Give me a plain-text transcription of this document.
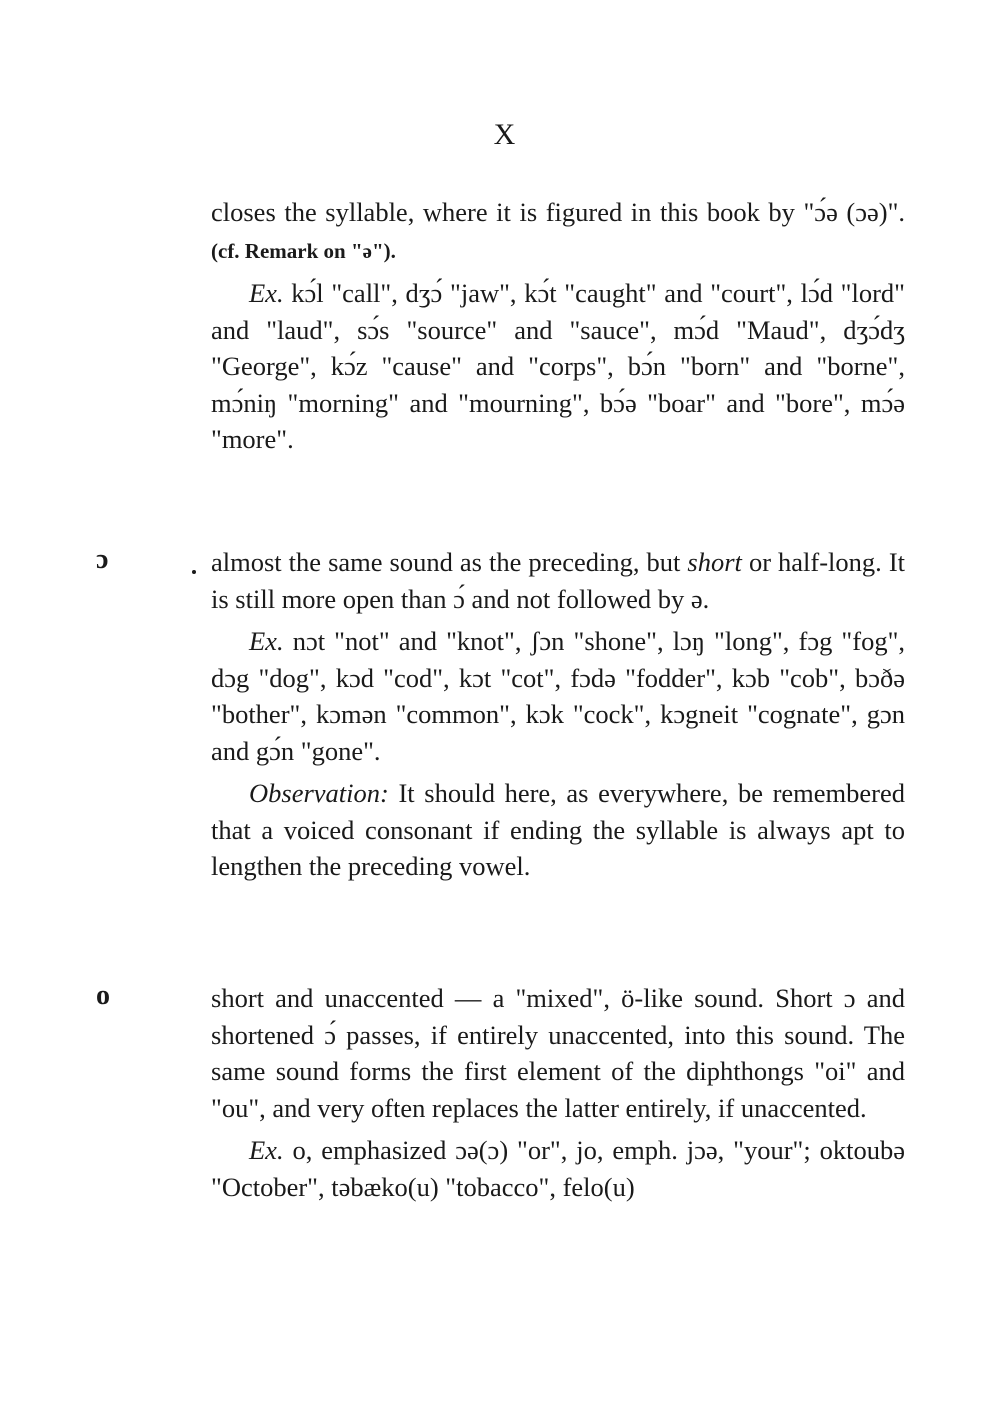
X

closes the syllable, where it is figured in this book by "ɔ́ə (ɔə)". (cf. Remark on "ə").

Ex. kɔ́l "call", dʒɔ́ "jaw", kɔ́t "caught" and "court", lɔ́d "lord" and "laud", sɔ́s "source" and "sauce", mɔ́d "Maud", dʒɔ́dʒ "George", kɔ́z "cause" and "corps", bɔ́n "born" and "borne", mɔ́niŋ "morning" and "mourning", bɔ́ə "boar" and "bore", mɔ́ə "more".

ɔ	almost the same sound as the preceding, but short or half-long. It is still more open than ɔ́ and not followed by ə.

Ex. nɔt "not" and "knot", ʃɔn "shone", lɔŋ "long", fɔg "fog", dɔg "dog", kɔd "cod", kɔt "cot", fɔdə "fodder", kɔb "cob", bɔðə "bother", kɔmən "common", kɔk "cock", kɔgneit "cognate", gɔn and gɔ́n "gone".

Observation: It should here, as everywhere, be remembered that a voiced consonant if ending the syllable is always apt to lengthen the preceding vowel.

o	short and unaccented — a "mixed", ö-like sound. Short ɔ and shortened ɔ́ passes, if entirely unaccented, into this sound. The same sound forms the first element of the diphthongs "oi" and "ou", and very often replaces the latter entirely, if unaccented.

Ex. o, emphasized ɔə(ɔ) "or", jo, emph. jɔə, "your"; oktoubə "October", təbæko(u) "tobacco", felo(u)
